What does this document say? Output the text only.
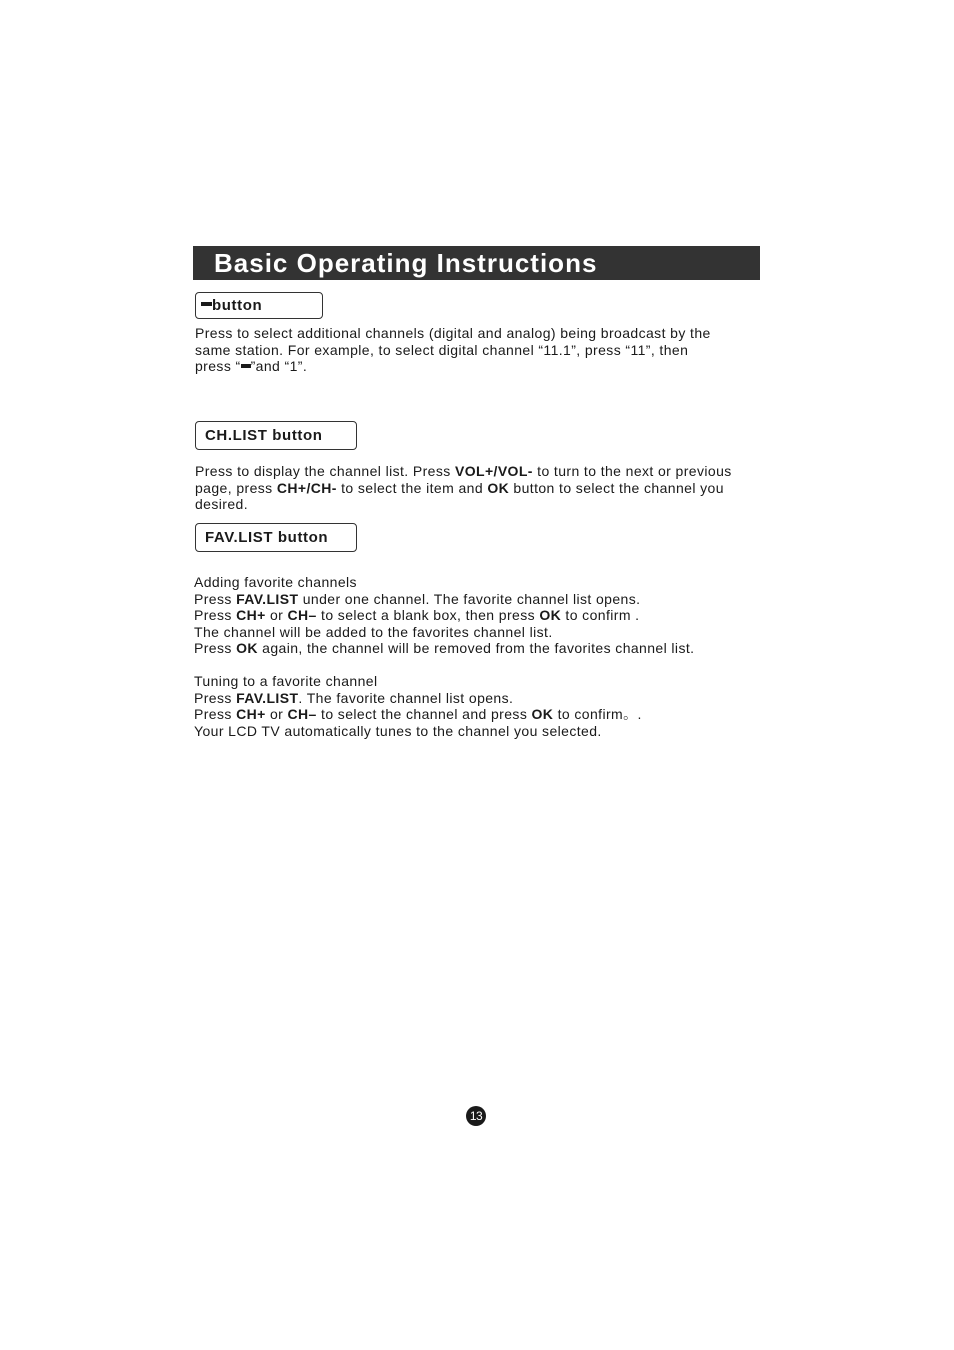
Basic Operating Instructions
button

Press to select additional channels (digital and analog) being broadcast by the

same station. For example, to select digital channel “11.1”, press “11”, then

press “ ”and “1”.

CH.LIST button

Press to display the channel list. Press VOL+/VOL- to turn to the next or previous

page, press CH+/CH- to select the item and OK button to select the channel you

desired.

FAV.LIST button

Adding favorite channels

Press FAV.LIST under one channel. The favorite channel list opens.

Press CH+ or CH– to select a blank box, then press OK to confirm .

The channel will be added to the favorites channel list.

Press OK again, the channel will be removed from the favorites channel list.

Tuning to a favorite channel

Press FAV.LIST. The favorite channel list opens.

Press CH+ or CH– to select the channel and press OK to confirm。.

Your LCD TV automatically tunes to the channel you selected.

13
